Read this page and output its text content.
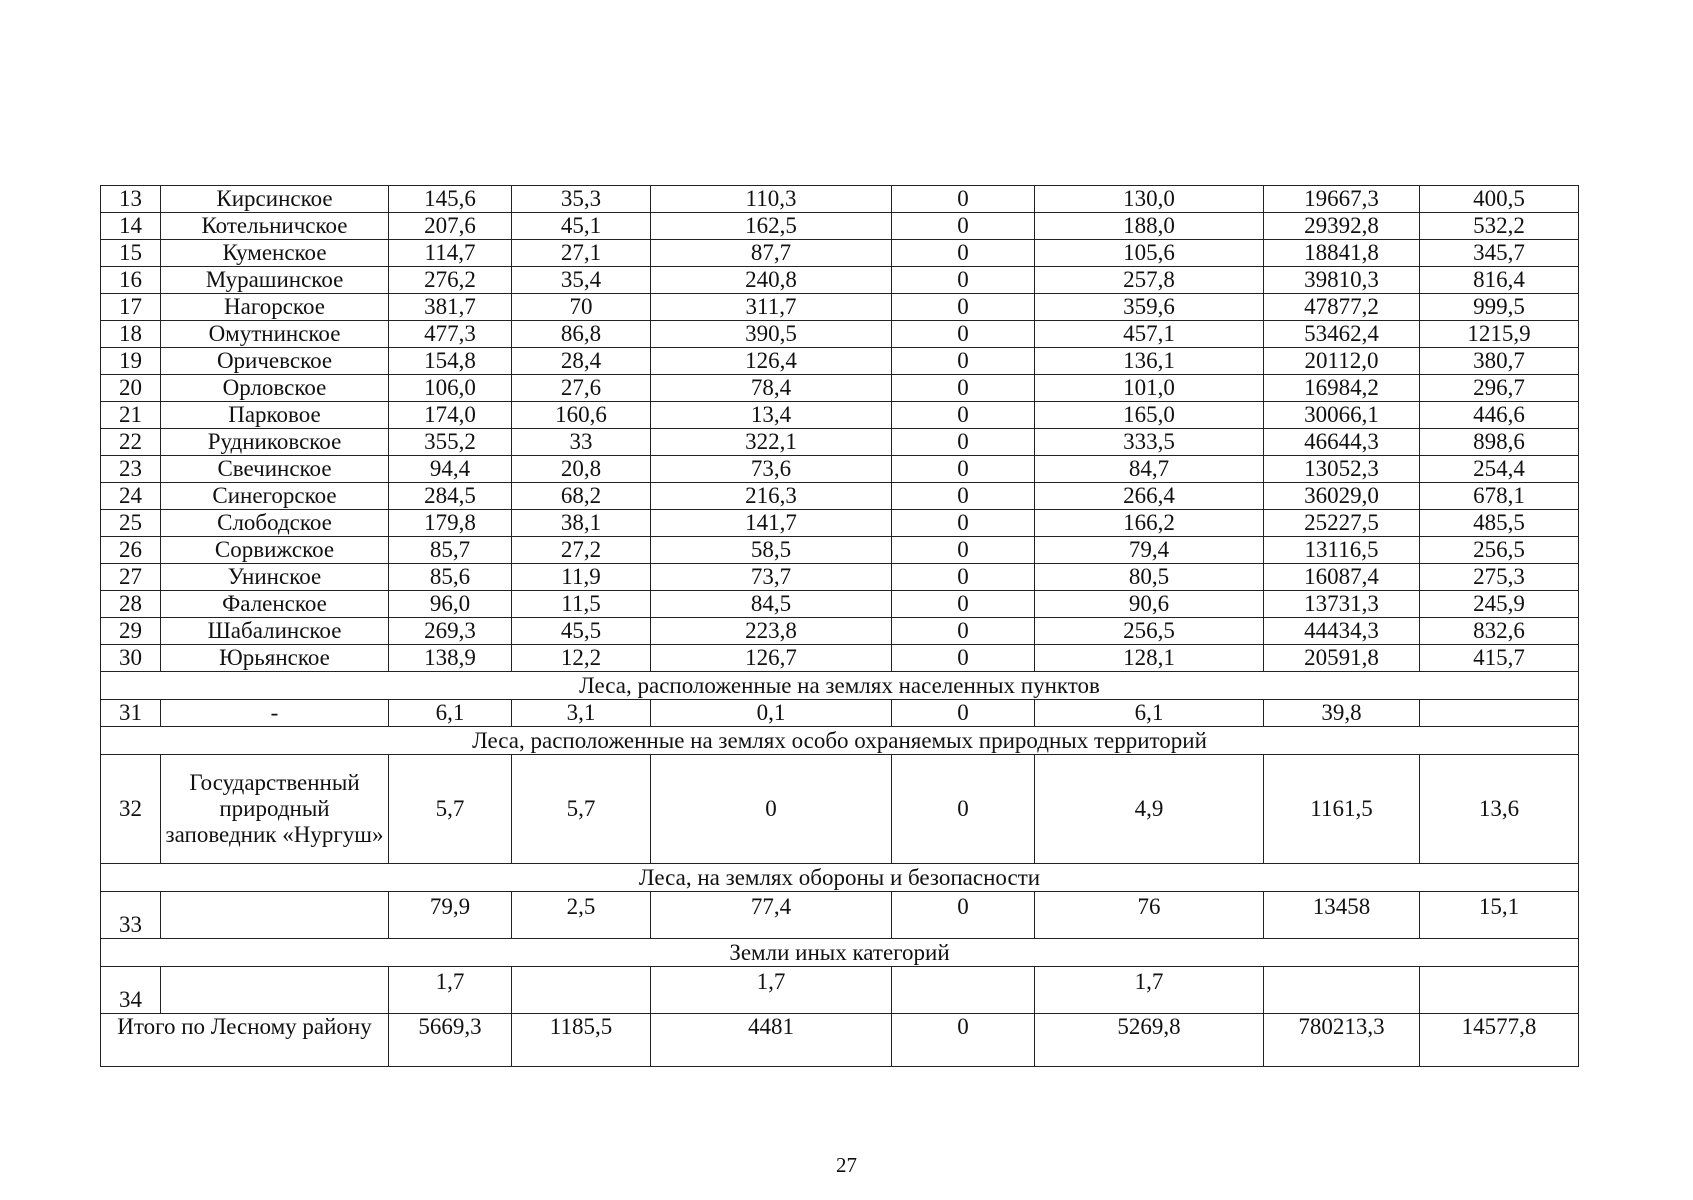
13	Кирсинское	145,6	35,3	110,3	0	130,0	19667,3	400,5
14	Котельничское	207,6	45,1	162,5	0	188,0	29392,8	532,2
15	Куменское	114,7	27,1	87,7	0	105,6	18841,8	345,7
16	Мурашинское	276,2	35,4	240,8	0	257,8	39810,3	816,4
17	Нагорское	381,7	70	311,7	0	359,6	47877,2	999,5
18	Омутнинское	477,3	86,8	390,5	0	457,1	53462,4	1215,9
19	Оричевское	154,8	28,4	126,4	0	136,1	20112,0	380,7
20	Орловское	106,0	27,6	78,4	0	101,0	16984,2	296,7
21	Парковое	174,0	160,6	13,4	0	165,0	30066,1	446,6
22	Рудниковское	355,2	33	322,1	0	333,5	46644,3	898,6
23	Свечинское	94,4	20,8	73,6	0	84,7	13052,3	254,4
24	Синегорское	284,5	68,2	216,3	0	266,4	36029,0	678,1
25	Слободское	179,8	38,1	141,7	0	166,2	25227,5	485,5
26	Сорвижское	85,7	27,2	58,5	0	79,4	13116,5	256,5
27	Унинское	85,6	11,9	73,7	0	80,5	16087,4	275,3
28	Фаленское	96,0	11,5	84,5	0	90,6	13731,3	245,9
29	Шабалинское	269,3	45,5	223,8	0	256,5	44434,3	832,6
30	Юрьянское	138,9	12,2	126,7	0	128,1	20591,8	415,7
Леса, расположенные на землях населенных пунктов								
31	-	6,1	3,1	0,1	0	6,1	39,8	
Леса, расположенные на землях особо охраняемых природных территорий								
32	Государственный природный заповедник «Нургуш»	5,7	5,7	0	0	4,9	1161,5	13,6
Леса, на землях обороны и безопасности								
33		79,9	2,5	77,4	0	76	13458	15,1
Земли иных категорий								
34		1,7		1,7		1,7		
Итого по Лесному району		5669,3	1185,5	4481	0	5269,8	780213,3	14577,8
27
